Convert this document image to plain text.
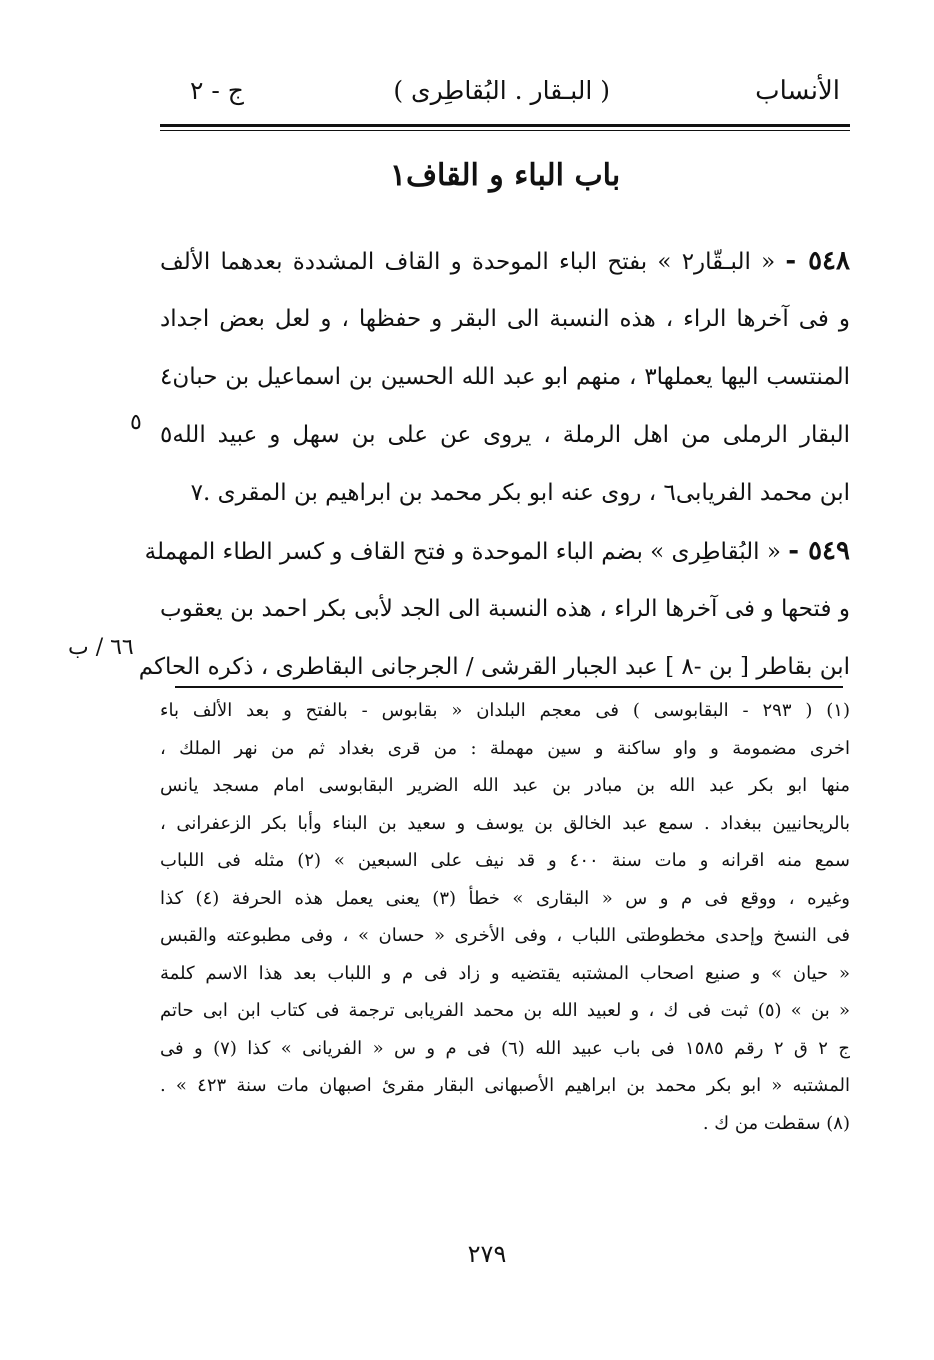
الأنساب
( البـقار . البُقاطِرى )
ج - ٢
باب الباء و القاف١
٥٤٨ - « البـقّار٢ » بفتح الباء الموحدة و القاف المشددة بعدهما الألف
و فى آخرها الراء ، هذه النسبة الى البقر و حفظها ، و لعل بعض اجداد
المنتسب اليها يعملها٣ ، منهم ابو عبد الله الحسين بن اسماعيل بن حبان٤
البقار الرملى من اهل الرملة ، يروى عن على بن سهل و عبيد الله٥
ابن محمد الفريابى٦ ، روى عنه ابو بكر محمد بن ابراهيم بن المقرى .٧
٥٤٩ - « البُقاطِرى » بضم الباء الموحدة و فتح القاف و كسر الطاء المهملة
و فتحها و فى آخرها الراء ، هذه النسبة الى الجد لأبى بكر احمد بن يعقوب
ابن بقاطر [ بن -٨ ] عبد الجبار القرشى / الجرجانى البقاطرى ، ذكره الحاكم
٥
٦٦ / ب
(١) ( ٢٩٣ - البقابوسى ) فى معجم البلدان « بقابوس - بالفتح و بعد الألف باء
اخرى مضمومة و واو ساكنة و سين مهملة : من قرى بغداد ثم من نهر الملك ،
منها ابو بكر عبد الله بن مبادر بن عبد الله الضرير البقابوسى امام مسجد يانس
بالريحانيين ببغداد . سمع عبد الخالق بن يوسف و سعيد بن البناء وأبا بكر الزعفرانى ،
سمع منه اقرانه و مات سنة ٤٠٠ و قد نيف على السبعين » (٢) مثله فى اللباب
وغيره ، ووقع فى م و س « البقارى » خطأ (٣) يعنى يعمل هذه الحرفة (٤) كذا
فى النسخ وإحدى مخطوطتى اللباب ، وفى الأخرى « حسان » ، وفى مطبوعته والقبس
« حيان » و صنيع اصحاب المشتبه يقتضيه و زاد فى م و اللباب بعد هذا الاسم كلمة
« بن » (٥) ثبت فى ك ، و لعبيد الله بن محمد الفريابى ترجمة فى كتاب ابن ابى حاتم
ج ٢ ق ٢ رقم ١٥٨٥ فى باب عبيد الله (٦) فى م و س « الفريانى » كذا (٧) و فى
المشتبه « ابو بكر محمد بن ابراهيم الأصبهانى البقار مقرئ اصبهان مات سنة ٤٢٣ » .
(٨) سقطت من ك .
٢٧٩
